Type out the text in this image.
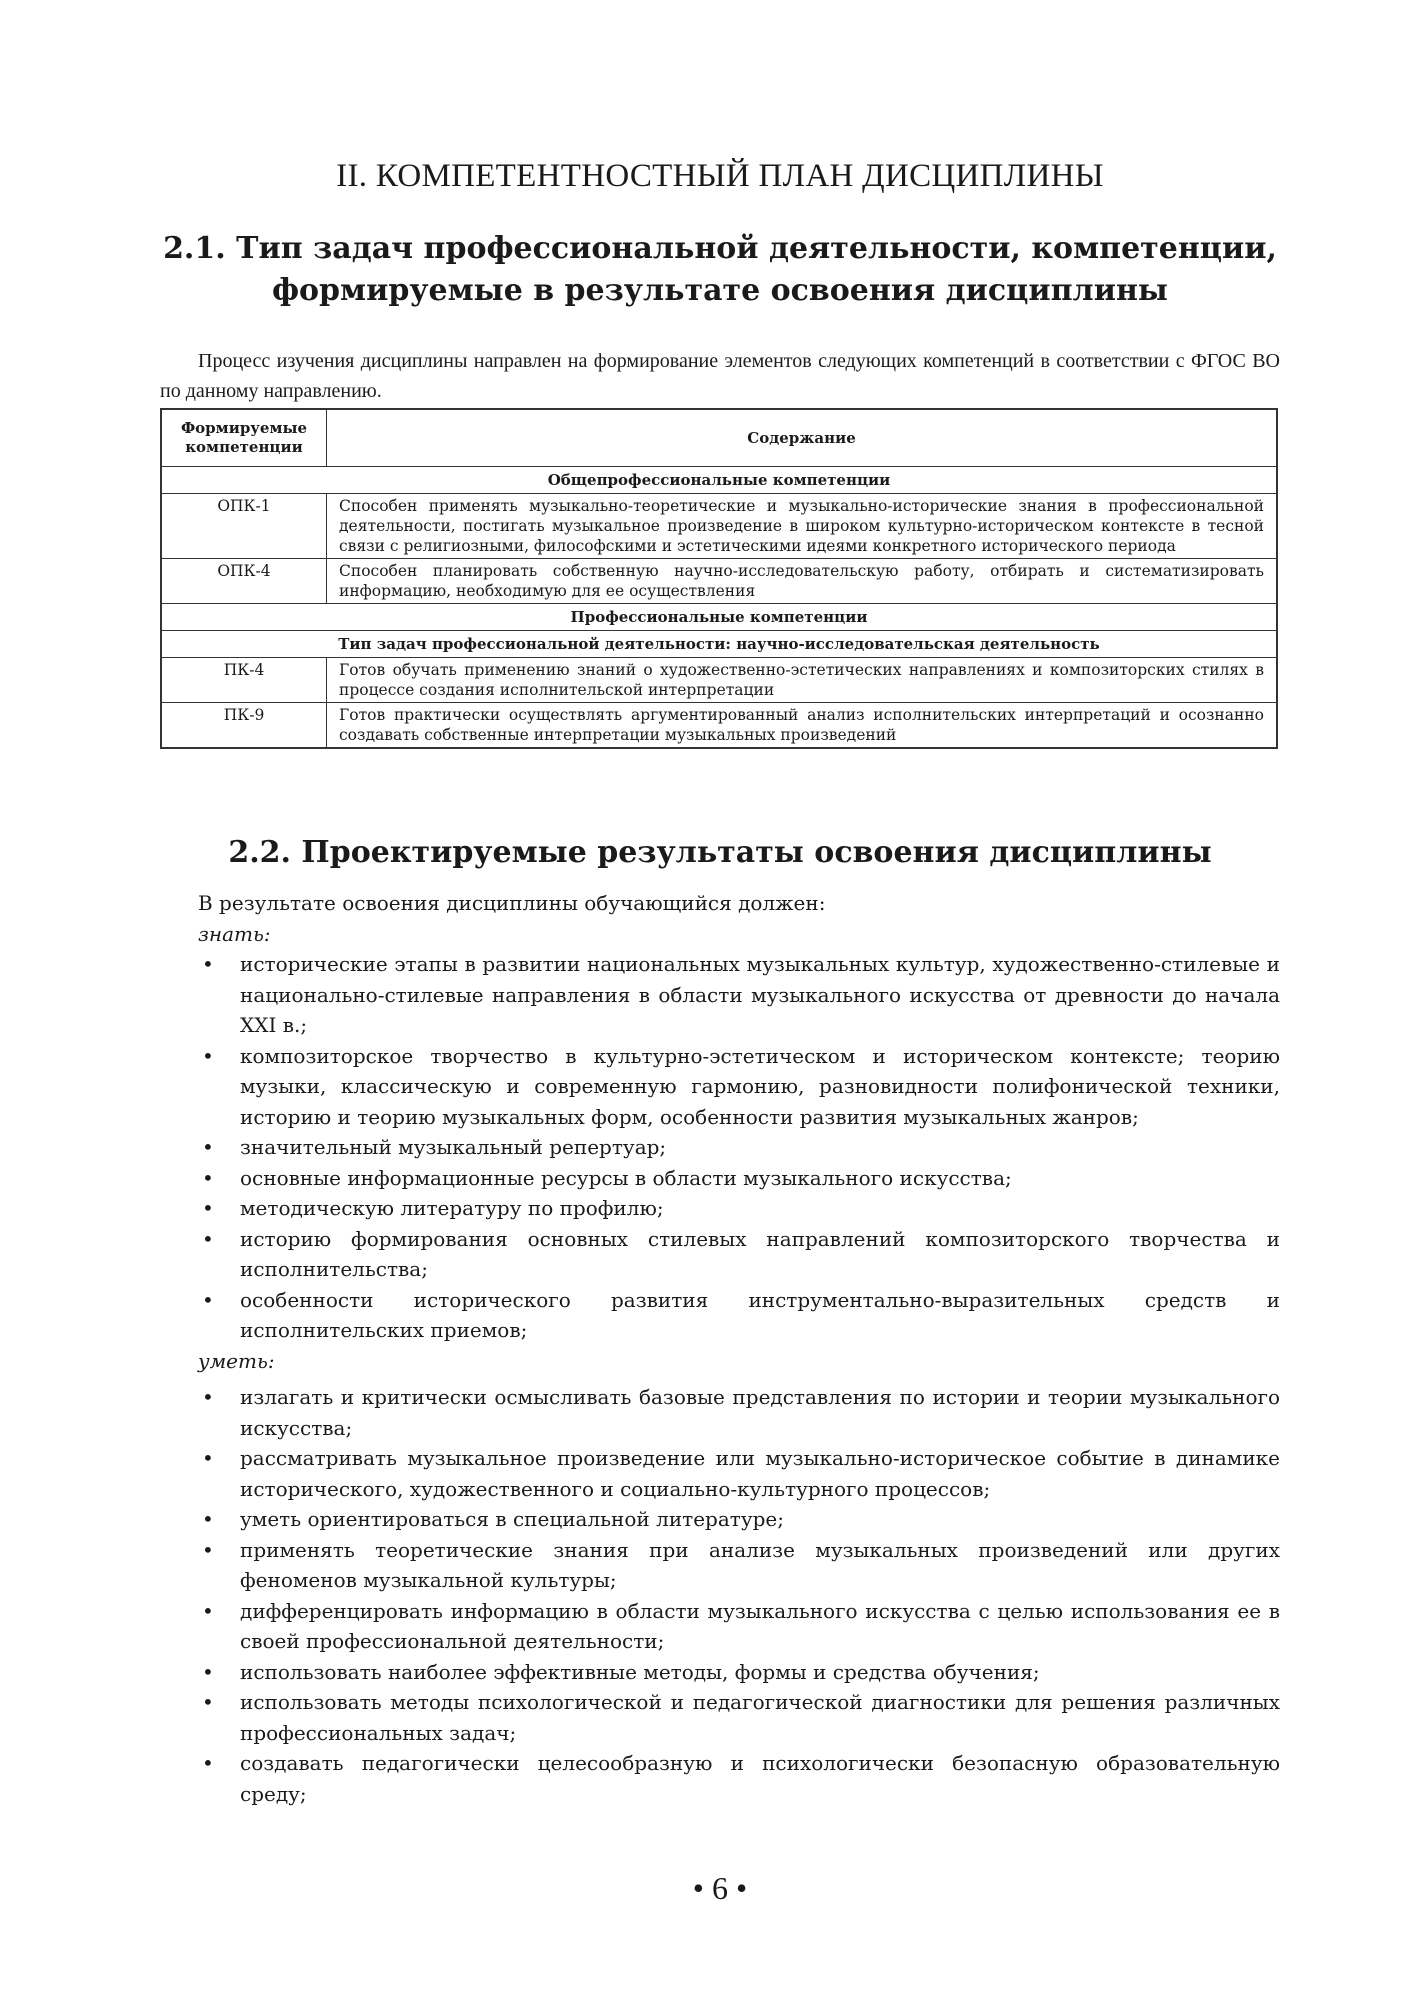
II. КОМПЕТЕНТНОСТНЫЙ ПЛАН ДИСЦИПЛИНЫ
2.1. Тип задач профессиональной деятельности, компетенции,
формируемые в результате освоения дисциплины

Процесс изучения дисциплины направлен на формирование элементов следующих компетенций в соответствии с ФГОС ВО по данному направлению.

Формируемые
компетенции	Содержание
Общепрофессиональные компетенции	
ОПК-1	Способен применять музыкально-теоретические и музыкально-исторические знания в профессиональной деятельности, постигать музыкальное произведение в широком культурно-историческом контексте в тесной связи с религиозными, философскими и эстетическими идеями конкретного исторического периода
ОПК-4	Способен планировать собственную научно-исследовательскую работу, отбирать и систематизировать информацию, необходимую для ее осуществления
Профессиональные компетенции	
Тип задач профессиональной деятельности: научно-исследовательская деятельность	
ПК-4	Готов обучать применению знаний о художественно-эстетических направлениях и композиторских стилях в процессе создания исполнительской интерпретации
ПК-9	Готов практически осуществлять аргументированный анализ исполнительских интерпретаций и осознанно создавать собственные интерпретации музыкальных произведений
2.2. Проектируемые результаты освоения дисциплины

В результате освоения дисциплины обучающийся должен:

знать:

• исторические этапы в развитии национальных музыкальных культур, художественно-стилевые и национально-стилевые направления в области музыкального искусства от древности до начала XXI в.;
• композиторское творчество в культурно-эстетическом и историческом контексте; теорию музыки, классическую и современную гармонию, разновидности полифонической техники, историю и теорию музыкальных форм, особенности развития музыкальных жанров;
• значительный музыкальный репертуар;
• основные информационные ресурсы в области музыкального искусства;
• методическую литературу по профилю;
• историю формирования основных стилевых направлений композиторского творчества и исполнительства;
• особенности исторического развития инструментально-выразительных средств и исполнительских приемов;

уметь:

• излагать и критически осмысливать базовые представления по истории и теории музыкального искусства;
• рассматривать музыкальное произведение или музыкально-историческое событие в динамике исторического, художественного и социально-культурного процессов;
• уметь ориентироваться в специальной литературе;
• применять теоретические знания при анализе музыкальных произведений или других феноменов музыкальной культуры;
• дифференцировать информацию в области музыкального искусства с целью использования ее в своей профессиональной деятельности;
• использовать наиболее эффективные методы, формы и средства обучения;
• использовать методы психологической и педагогической диагностики для решения различных профессиональных задач;
• создавать педагогически целесообразную и психологически безопасную образовательную среду;
• 6 •
